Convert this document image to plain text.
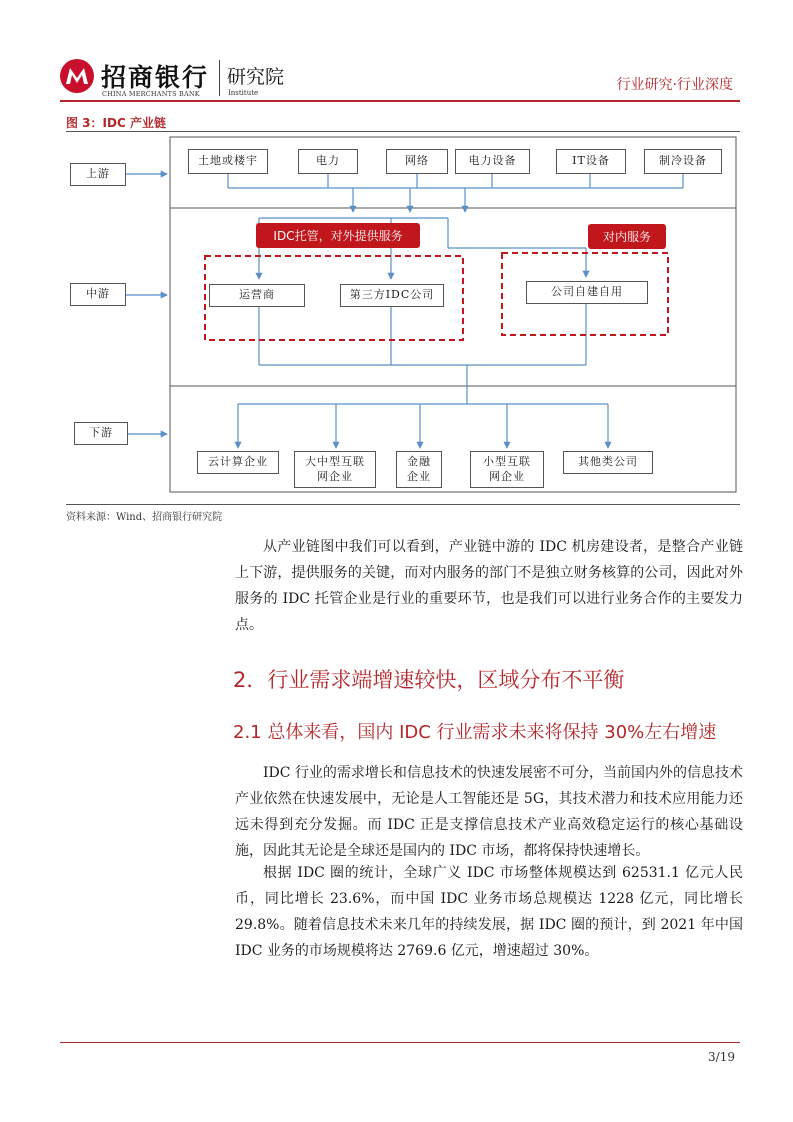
招商银行
CHINA MERCHANTS BANK
研究院
Institute	行业研究·行业深度
图 3：IDC 产业链
上游
中游
下游
土地或楼宇	电力	网络	电力设备	IT设备	制冷设备
IDC托管，对外提供服务	对内服务
运营商	第三方IDC公司	公司自建自用
云计算企业	大中型互联
网企业
金融
企业
小型互联
网企业
其他类公司
资料来源：Wind、招商银行研究院

从产业链图中我们可以看到，产业链中游的 IDC 机房建设者，是整合产业链上下游，提供服务的关键，而对内服务的部门不是独立财务核算的公司，因此对外服务的 IDC 托管企业是行业的重要环节，也是我们可以进行业务合作的主要发力点。

2．行业需求端增速较快，区域分布不平衡
2.1 总体来看，国内 IDC 行业需求未来将保持 30%左右增速

IDC 行业的需求增长和信息技术的快速发展密不可分，当前国内外的信息技术产业依然在快速发展中，无论是人工智能还是 5G，其技术潜力和技术应用能力还远未得到充分发掘。而 IDC 正是支撑信息技术产业高效稳定运行的核心基础设施，因此其无论是全球还是国内的 IDC 市场，都将保持快速增长。

根据 IDC 圈的统计，全球广义 IDC 市场整体规模达到 62531.1 亿元人民币，同比增长 23.6%，而中国 IDC 业务市场总规模达 1228 亿元，同比增长 29.8%。随着信息技术未来几年的持续发展，据 IDC 圈的预计，到 2021 年中国 IDC 业务的市场规模将达 2769.6 亿元，增速超过 30%。

3/19
